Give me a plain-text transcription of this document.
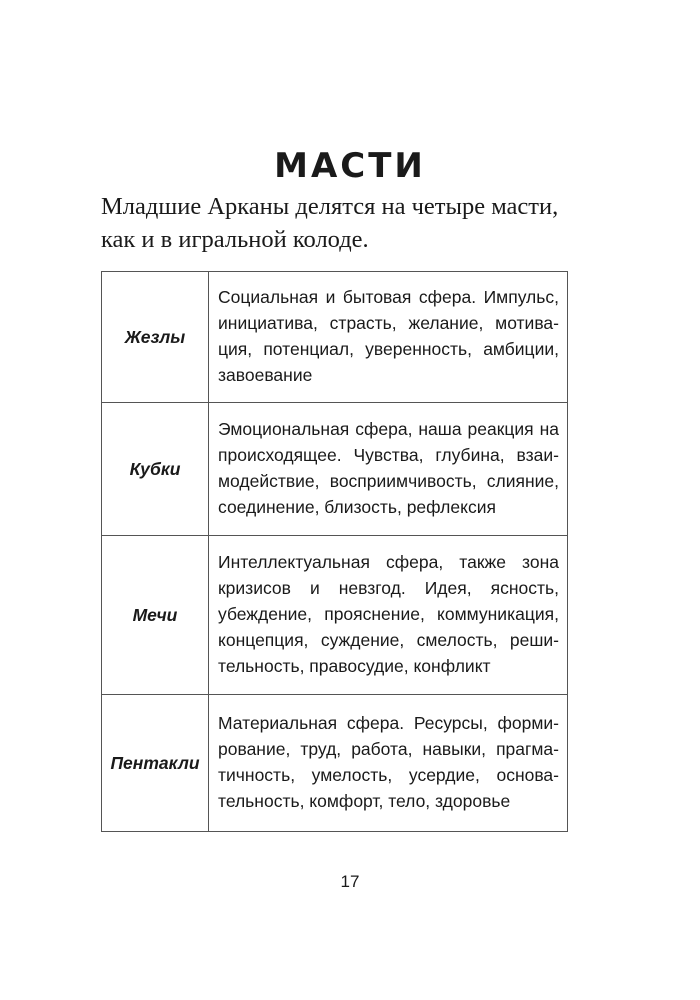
МАСТИ

Младшие Арканы делятся на четыре масти,
как и в игральной колоде.

Жезлы	Социальная и бытовая сфера. Импульс,
инициатива, страсть, желание, мотива-
ция, потенциал, уверенность, амбиции,
завоевание

Кубки	Эмоциональная сфера, наша реакция на
происходящее. Чувства, глубина, взаи-
модействие, восприимчивость, слияние,
соединение, близость, рефлексия

Мечи	Интеллектуальная сфера, также зона
кризисов и невзгод. Идея, ясность,
убеждение, прояснение, коммуникация,
концепция, суждение, смелость, реши-
тельность, правосудие, конфликт

Пентакли	Материальная сфера. Ресурсы, форми-
рование, труд, работа, навыки, прагма-
тичность, умелость, усердие, основа-
тельность, комфорт, тело, здоровье
17
